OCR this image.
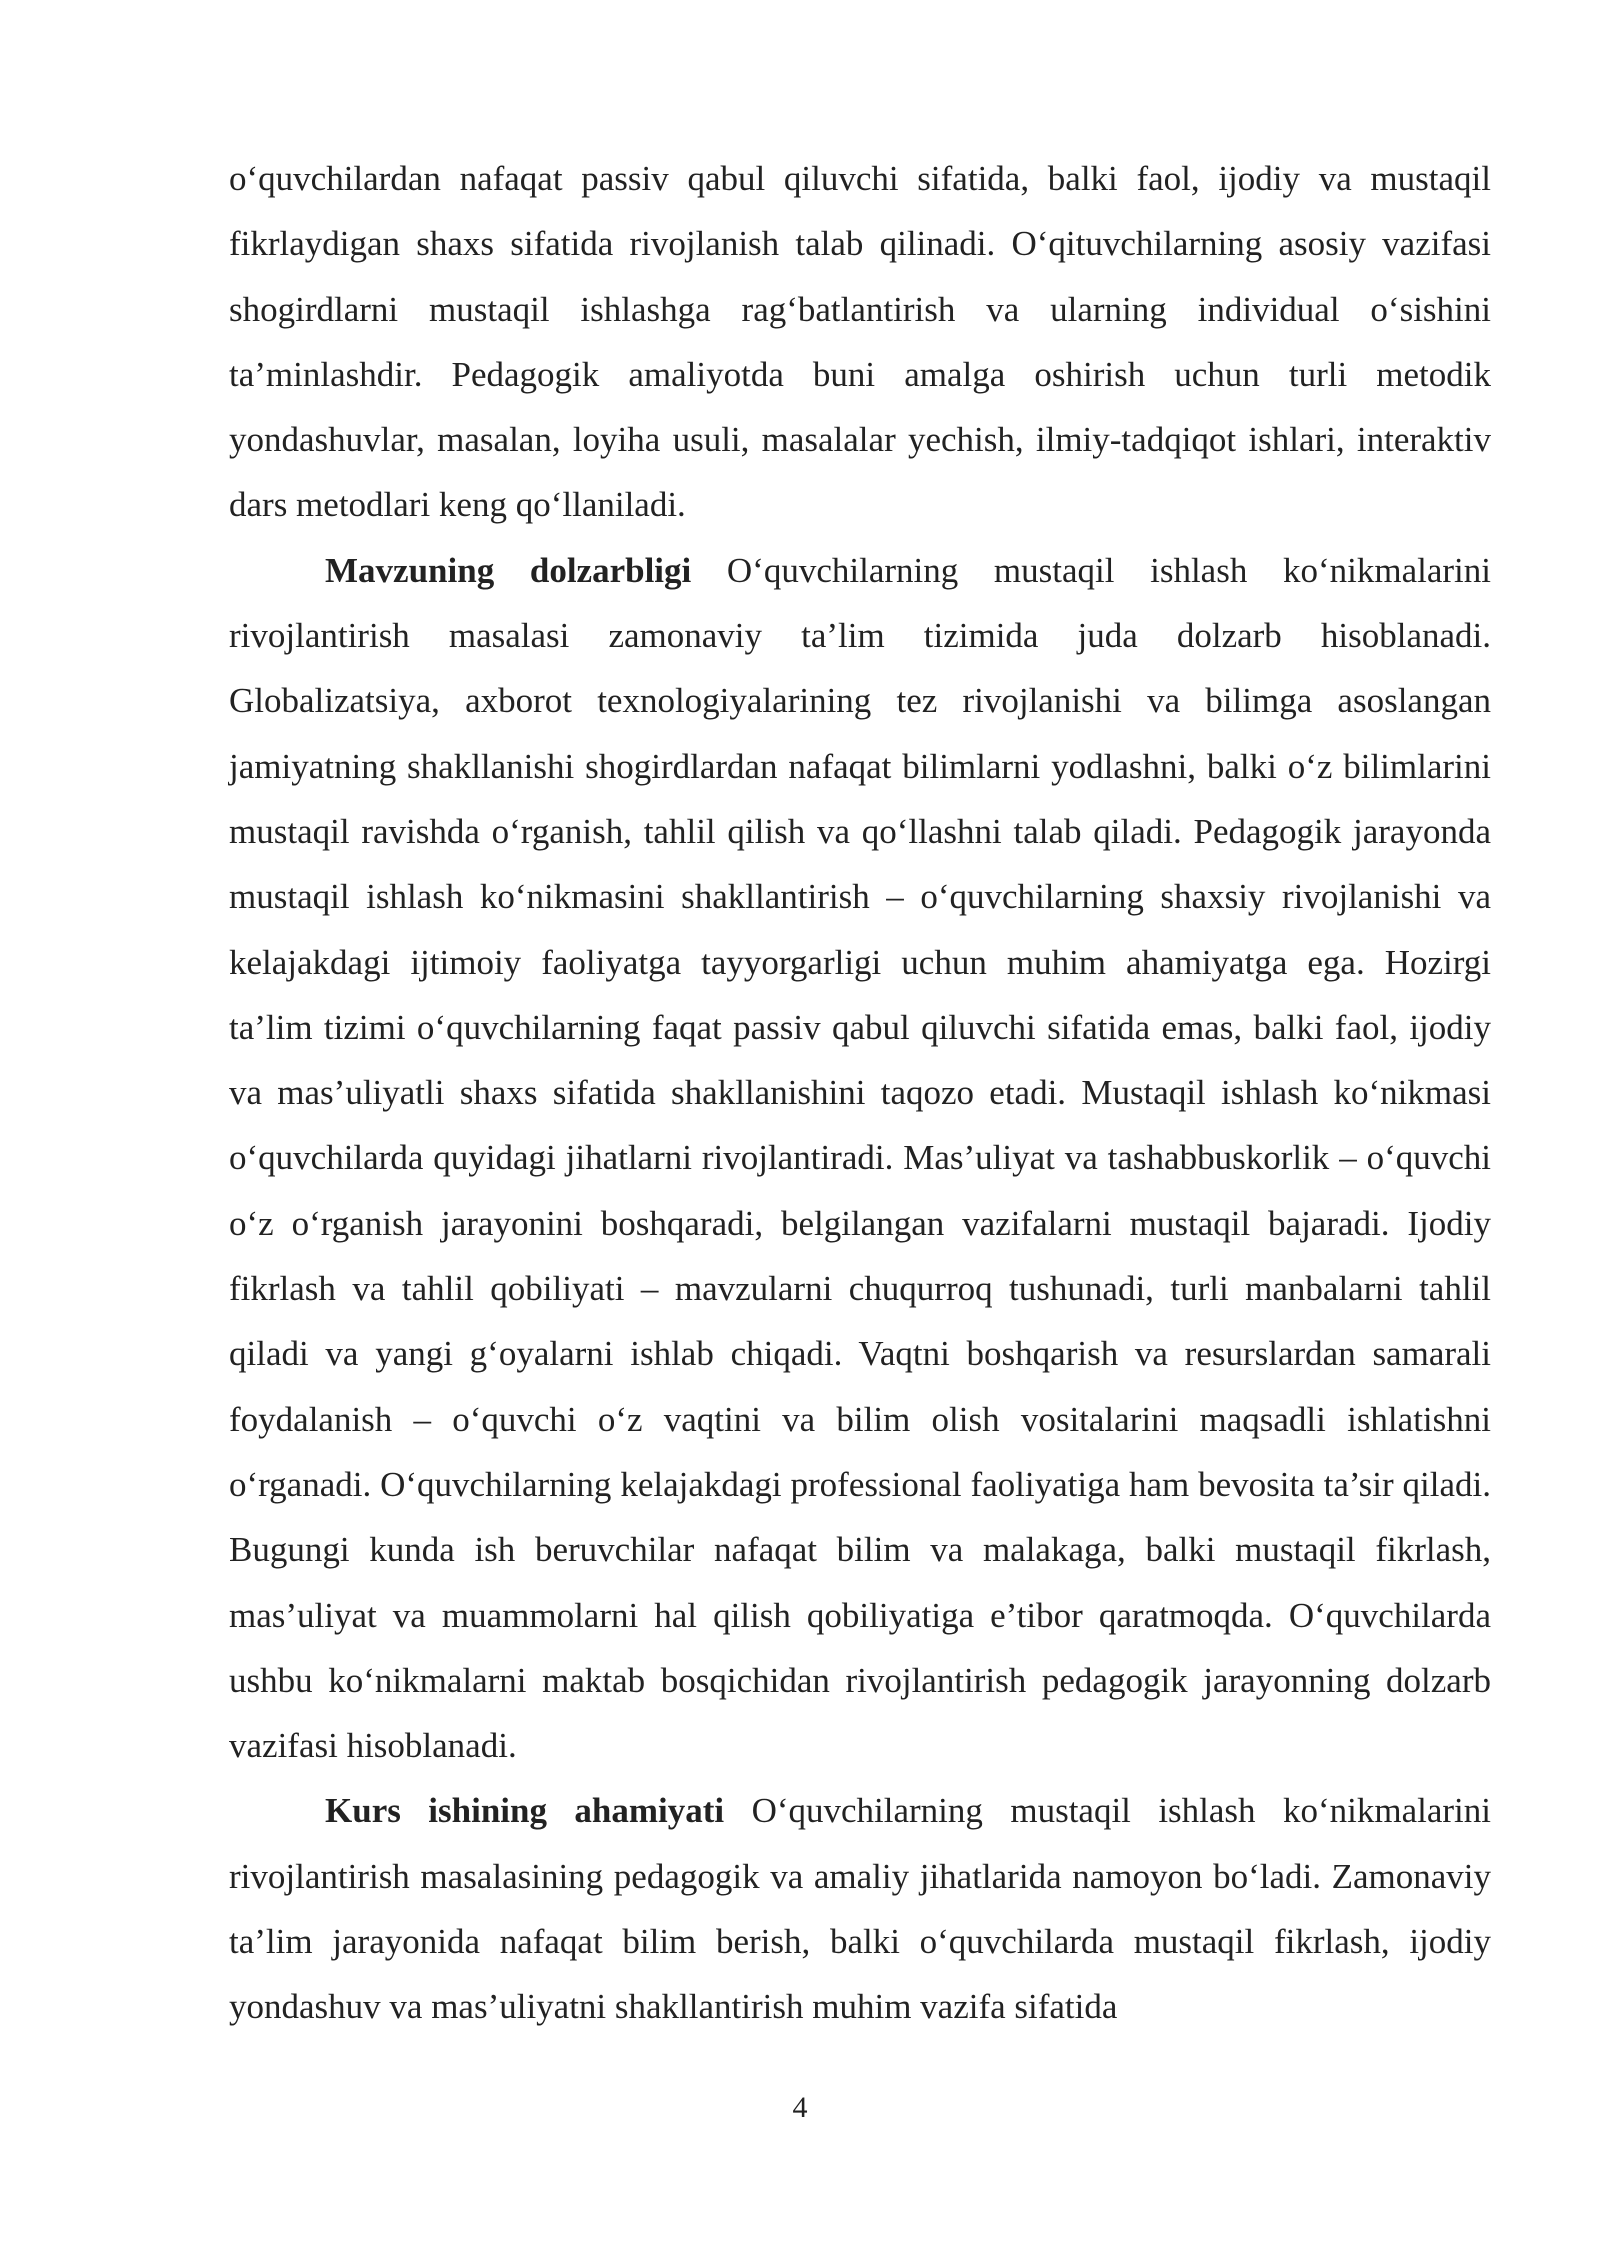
o‘quvchilardan nafaqat passiv qabul qiluvchi sifatida, balki faol, ijodiy va mustaqil fikrlaydigan shaxs sifatida rivojlanish talab qilinadi. O‘qituvchilarning asosiy vazifasi shogirdlarni mustaqil ishlashga rag‘batlantirish va ularning individual o‘sishini ta’minlashdir. Pedagogik amaliyotda buni amalga oshirish uchun turli metodik yondashuvlar, masalan, loyiha usuli, masalalar yechish, ilmiy-tadqiqot ishlari, interaktiv dars metodlari keng qo‘llaniladi.

Mavzuning dolzarbligi O‘quvchilarning mustaqil ishlash ko‘nikmalarini rivojlantirish masalasi zamonaviy ta’lim tizimida juda dolzarb hisoblanadi. Globalizatsiya, axborot texnologiyalarining tez rivojlanishi va bilimga asoslangan jamiyatning shakllanishi shogirdlardan nafaqat bilimlarni yodlashni, balki o‘z bilimlarini mustaqil ravishda o‘rganish, tahlil qilish va qo‘llashni talab qiladi. Pedagogik jarayonda mustaqil ishlash ko‘nikmasini shakllantirish – o‘quvchilarning shaxsiy rivojlanishi va kelajakdagi ijtimoiy faoliyatga tayyorgarligi uchun muhim ahamiyatga ega. Hozirgi ta’lim tizimi o‘quvchilarning faqat passiv qabul qiluvchi sifatida emas, balki faol, ijodiy va mas’uliyatli shaxs sifatida shakllanishini taqozo etadi. Mustaqil ishlash ko‘nikmasi o‘quvchilarda quyidagi jihatlarni rivojlantiradi. Mas’uliyat va tashabbuskorlik – o‘quvchi o‘z o‘rganish jarayonini boshqaradi, belgilangan vazifalarni mustaqil bajaradi. Ijodiy fikrlash va tahlil qobiliyati – mavzularni chuqurroq tushunadi, turli manbalarni tahlil qiladi va yangi g‘oyalarni ishlab chiqadi. Vaqtni boshqarish va resurslardan samarali foydalanish – o‘quvchi o‘z vaqtini va bilim olish vositalarini maqsadli ishlatishni o‘rganadi. O‘quvchilarning kelajakdagi professional faoliyatiga ham bevosita ta’sir qiladi. Bugungi kunda ish beruvchilar nafaqat bilim va malakaga, balki mustaqil fikrlash, mas’uliyat va muammolarni hal qilish qobiliyatiga e’tibor qaratmoqda. O‘quvchilarda ushbu ko‘nikmalarni maktab bosqichidan rivojlantirish pedagogik jarayonning dolzarb vazifasi hisoblanadi.

Kurs ishining ahamiyati O‘quvchilarning mustaqil ishlash ko‘nikmalarini rivojlantirish masalasining pedagogik va amaliy jihatlarida namoyon bo‘ladi. Zamonaviy ta’lim jarayonida nafaqat bilim berish, balki o‘quvchilarda mustaqil fikrlash, ijodiy yondashuv va mas’uliyatni shakllantirish muhim vazifa sifatida

4
